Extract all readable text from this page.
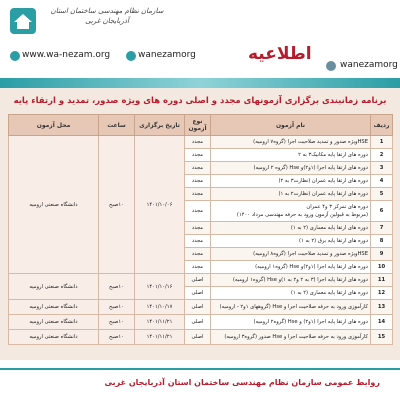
سازمان نظام مهندسی ساختمان استان آذربایجان غربی
www.wa-nezam.org	wanezamorg	اطلاعیه
wanezamorg
برنامه زمانبندی برگزاری آزمونهای مجدد و اصلی دوره های ویژه صدور، تمدید و ارتقاء پایه
ردیف	نام آزمون	نوع آزمون	تاریخ برگزاری	ساعت	محل آزمون
1	HSEویژه صدور و تمدید صلاحیت اجرا (گروه۷ ارومیه)	مجدد	۱۴۰۱/۱۰/۰۶	۱۰صبح	دانشگاه صنعتی ارومیه
2	دوره های ارتقا پایه مکانیک۳ به ۲	مجدد			
3	دوره های ارتقا پایه اجرا (۱و۲)و Hse (گروه ۲ ارومیه)	مجدد			
4	دوره های ارتقا پایه عمران (نظارت۳ به ۲)	مجدد			
5	دوره های ارتقا پایه عمران (نظارت۲ به ۱)	مجدد			
6	دوره های تمرکز ۳ و۴ عمران
(مربوط به قبولین آزمون ورود به حرفه مهندسی مرداد ۱۴۰۰)	مجدد			
7	دوره های ارتقا پایه معماری (۲ به ۱)	مجدد			
8	دوره های ارتقا پایه برق (۲ به ۱)	مجدد			
9	HSEویژه صدور و تمدید صلاحیت اجرا (گروه۸ ارومیه)	مجدد			
10	دوره های ارتقا پایه اجرا (۱و۲)و Hse (گروه۱ ارومیه)	مجدد			
11	دوره های ارتقا پایه اجرا (۳ به ۲ و۲ به ۱)و Hse (گروه۱ ارومیه)	اصلی	۱۴۰۱/۱۰/۱۶	۱۰صبح	دانشگاه صنعتی ارومیه
12	دوره های ارتقا پایه معماری (۲ به ۱)	اصلی			
13	کارآموزی ورود به حرفه صلاحیت اجرا و Hse (گروههای ۱و۲ - ارومیه)	اصلی	۱۴۰۱/۱۰/۱۷	۱۰صبح	دانشگاه صنعتی ارومیه
14	دوره های ارتقا پایه اجرا (۱و۲) و Hse (گروه۲ ارومیه)	اصلی	۱۴۰۱/۱۱/۲۱	۱۰صبح	دانشگاه صنعتی ارومیه
15	کارآموزی ورود به حرفه صلاحیت اجرا و Hse صدور (گروه۳ ارومیه)	اصلی	۱۴۰۱/۱۱/۲۱	۱۰صبح	دانشگاه صنعتی ارومیه
روابط عمومی سازمان نظام مهندسی ساختمان استان آذربایجان غربی
